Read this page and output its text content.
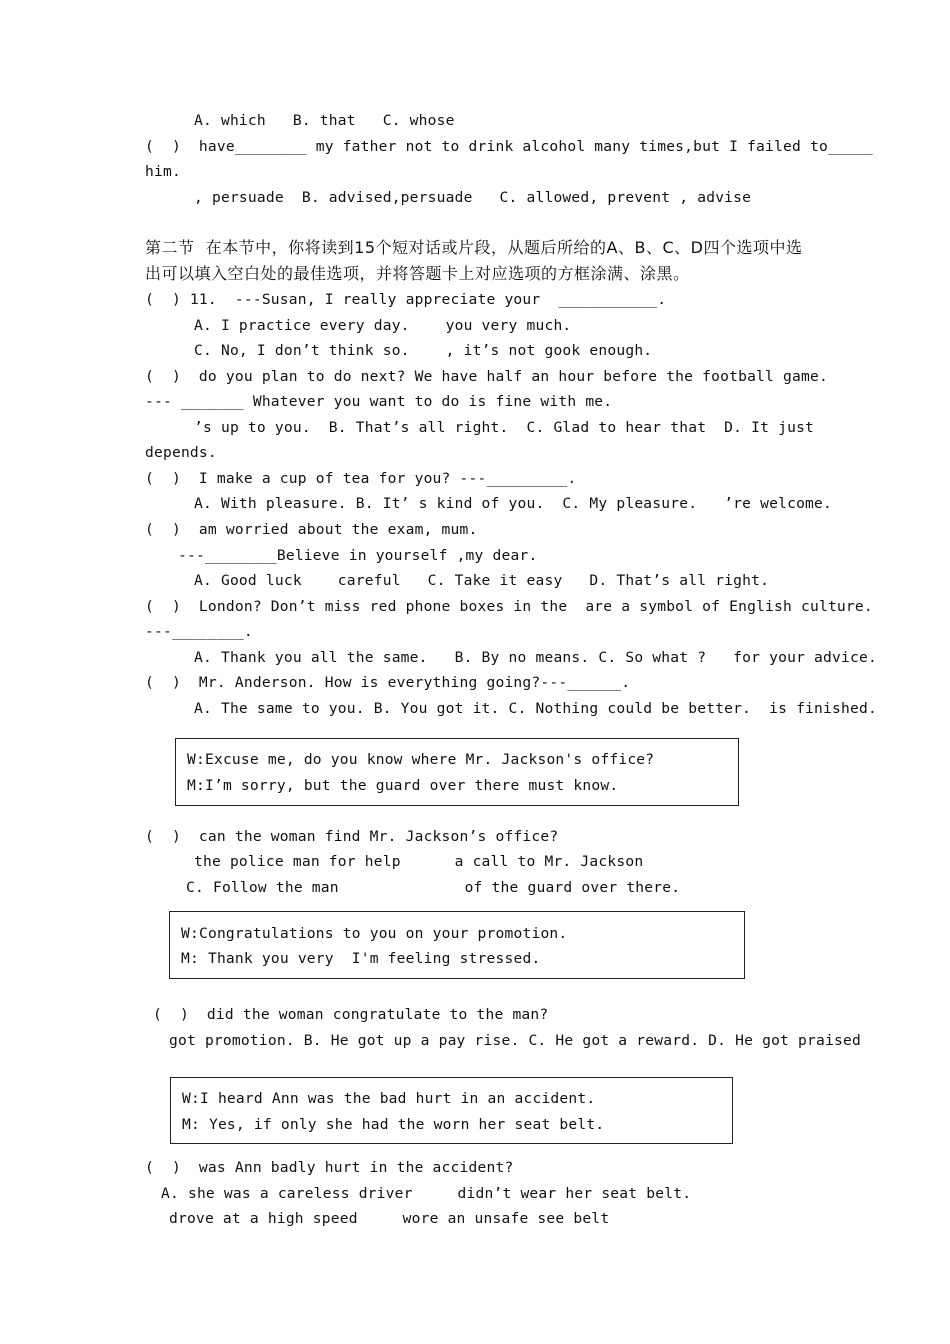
A. which   B. that   C. whose
(  )  have________ my father not to drink alcohol many times,but I failed to_____
him.
, persuade  B. advised,persuade   C. allowed, prevent , advise
第二节  在本节中，你将读到15个短对话或片段，从题后所给的A、B、C、D四个选项中选
出可以填入空白处的最佳选项，并将答题卡上对应选项的方框涂满、涂黑。
(  ) 11.  ---Susan, I really appreciate your  ___________.
A. I practice every day.    you very much.
C. No, I don’t think so.    , it’s not gook enough.
(  )  do you plan to do next? We have half an hour before the football game.
--- _______ Whatever you want to do is fine with me.
’s up to you.  B. That’s all right.  C. Glad to hear that  D. It just
depends.
(  )  I make a cup of tea for you? ---_________.
A. With pleasure. B. It’ s kind of you.  C. My pleasure.   ’re welcome.
(  )  am worried about the exam, mum.
---________Believe in yourself ,my dear.
A. Good luck    careful   C. Take it easy   D. That’s all right.
(  )  London? Don’t miss red phone boxes in the  are a symbol of English culture.
---________.
A. Thank you all the same.   B. By no means. C. So what ?   for your advice.
(  )  Mr. Anderson. How is everything going?---______.
A. The same to you. B. You got it. C. Nothing could be better.  is finished.
W:Excuse me, do you know where Mr. Jackson's office?
M:I’m sorry, but the guard over there must know.
(  )  can the woman find Mr. Jackson’s office?
the police man for help      a call to Mr. Jackson
C. Follow the man              of the guard over there.
W:Congratulations to you on your promotion.
M: Thank you very  I'm feeling stressed.
(  )  did the woman congratulate to the man?
got promotion. B. He got up a pay rise. C. He got a reward. D. He got praised
W:I heard Ann was the bad hurt in an accident.
M: Yes, if only she had the worn her seat belt.
(  )  was Ann badly hurt in the accident?
A. she was a careless driver     didn’t wear her seat belt.
drove at a high speed     wore an unsafe see belt
